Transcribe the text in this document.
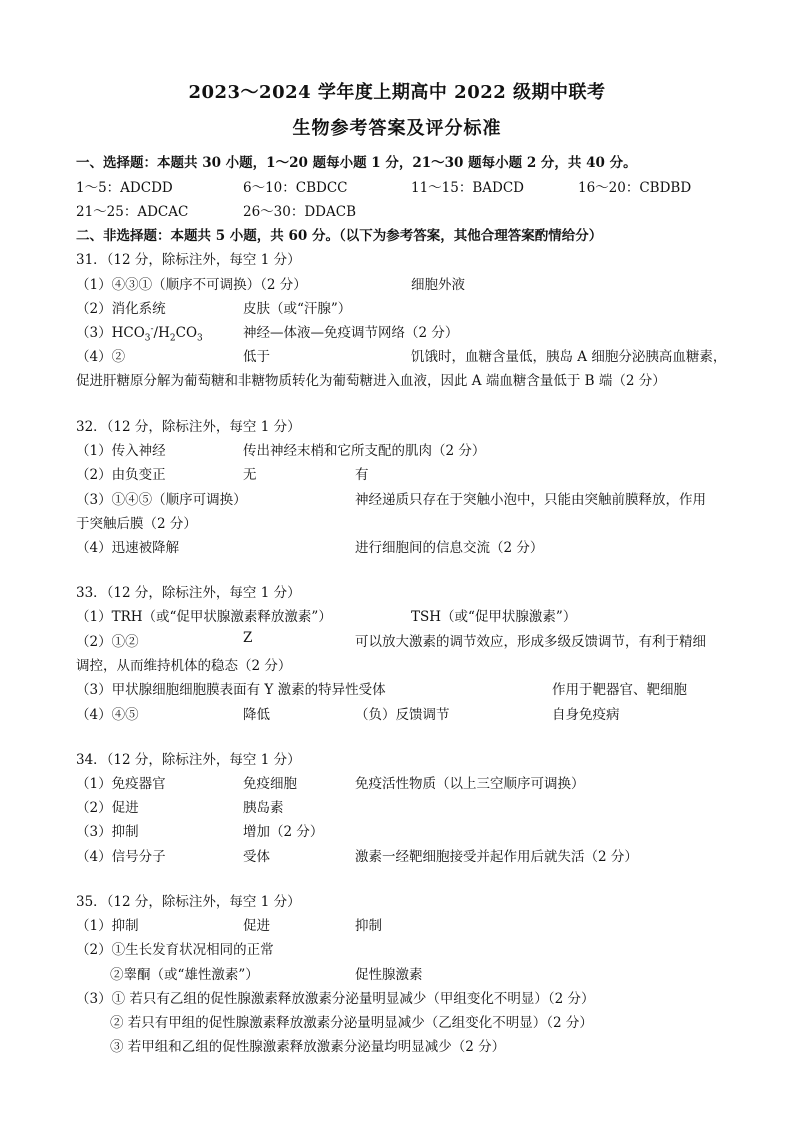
2023～2024 学年度上期高中 2022 级期中联考
生物参考答案及评分标准
一、选择题：本题共 30 小题，1～20 题每小题 1 分，21～30 题每小题 2 分，共 40 分。
1～5：ADCDD	6～10：CBDCC	11～15：BADCD	16～20：CBDBD
21～25：ADCAC	26～30：DDACB
二、非选择题：本题共 5 小题，共 60 分。（以下为参考答案，其他合理答案酌情给分）
31．（12 分，除标注外，每空 1 分）
（1）④③①（顺序不可调换）（2 分）	细胞外液
（2）消化系统	皮肤（或“汗腺”）
$(3)HCO_3^-/H_2CO_3$	神经—体液—免疫调节网络（2 分）
（4）②	低于	饥饿时，血糖含量低，胰岛 A 细胞分泌胰高血糖素，
促进肝糖原分解为葡萄糖和非糖物质转化为葡萄糖进入血液，因此 A 端血糖含量低于 B 端（2 分）
32．（12 分，除标注外，每空 1 分）
（1）传入神经	传出神经末梢和它所支配的肌肉（2 分）
（2）由负变正	无	有
（3）①④⑤（顺序可调换）	神经递质只存在于突触小泡中，只能由突触前膜释放，作用
于突触后膜（2 分）
（4）迅速被降解	进行细胞间的信息交流（2 分）
33．（12 分，除标注外，每空 1 分）
（1）TRH（或“促甲状腺激素释放激素”）	TSH（或“促甲状腺激素”）
（2）①②	Z	可以放大激素的调节效应，形成多级反馈调节，有利于精细
调控，从而维持机体的稳态（2 分）
（3）甲状腺细胞细胞膜表面有 Y 激素的特异性受体	作用于靶器官、靶细胞
（4）④⑤	降低	（负）反馈调节	自身免疫病
34．（12 分，除标注外，每空 1 分）
（1）免疫器官	免疫细胞	免疫活性物质（以上三空顺序可调换）
（2）促进	胰岛素
（3）抑制	增加（2 分）
（4）信号分子	受体	激素一经靶细胞接受并起作用后就失活（2 分）
35．（12 分，除标注外，每空 1 分）
（1）抑制	促进	抑制
（2）①生长发育状况相同的正常
②睾酮（或“雄性激素”）	促性腺激素
（3）① 若只有乙组的促性腺激素释放激素分泌量明显减少（甲组变化不明显）（2 分）
② 若只有甲组的促性腺激素释放激素分泌量明显减少（乙组变化不明显）（2 分）
③ 若甲组和乙组的促性腺激素释放激素分泌量均明显减少（2 分）
